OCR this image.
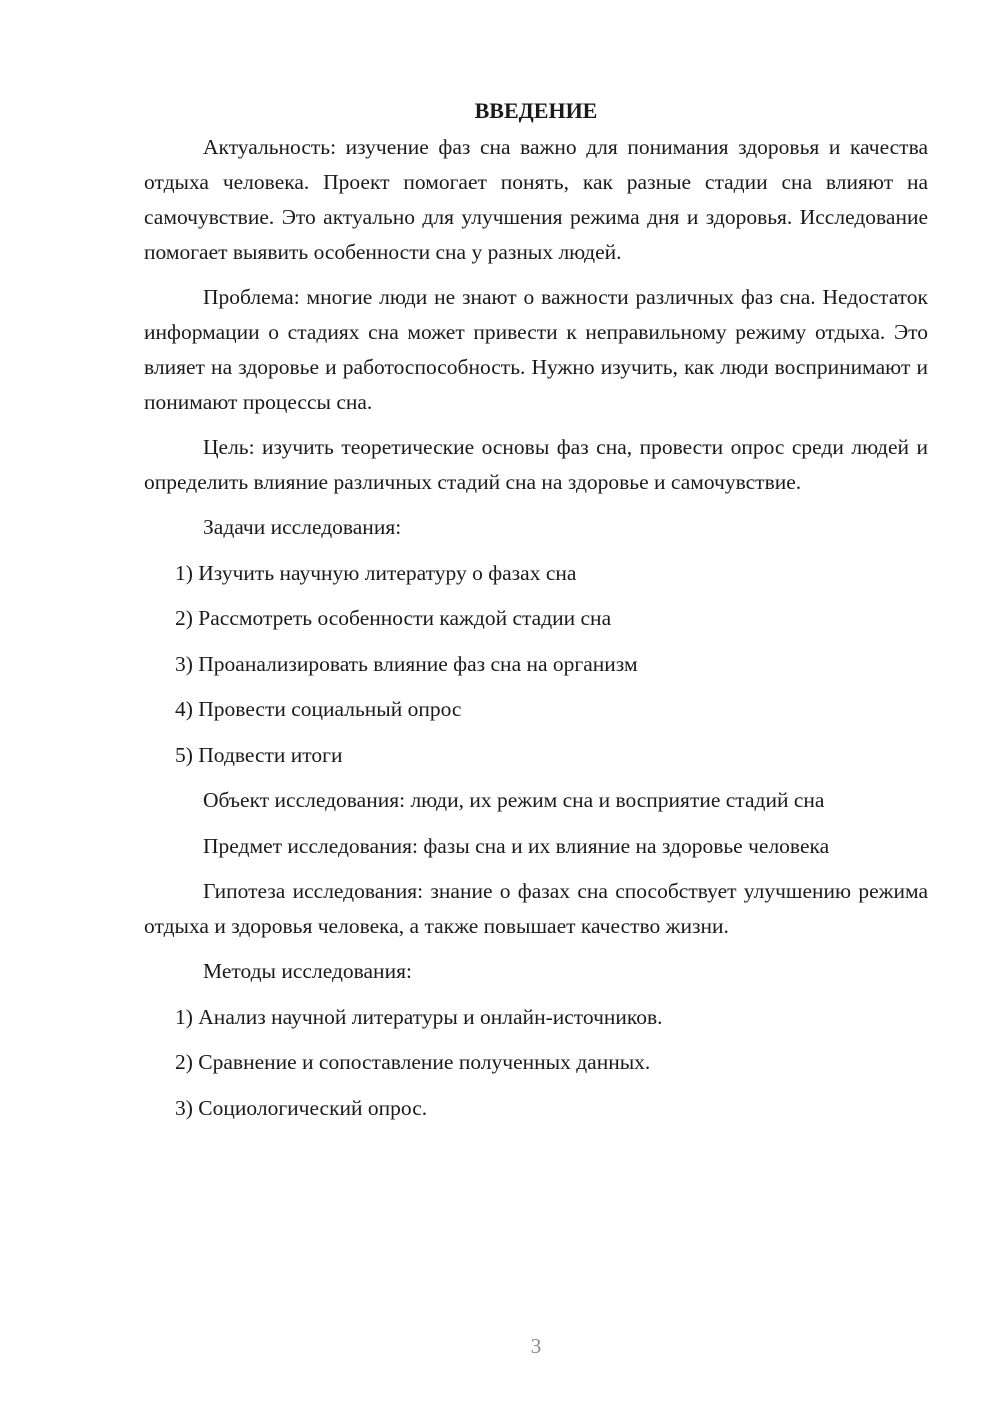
ВВЕДЕНИЕ

Актуальность: изучение фаз сна важно для понимания здоровья и качества отдыха человека. Проект помогает понять, как разные стадии сна влияют на самочувствие. Это актуально для улучшения режима дня и здоровья. Исследование помогает выявить особенности сна у разных людей.

Проблема: многие люди не знают о важности различных фаз сна. Недостаток информации о стадиях сна может привести к неправильному режиму отдыха. Это влияет на здоровье и работоспособность. Нужно изучить, как люди воспринимают и понимают процессы сна.

Цель: изучить теоретические основы фаз сна, провести опрос среди людей и определить влияние различных стадий сна на здоровье и самочувствие.

Задачи исследования:
1) Изучить научную литературу о фазах сна
2) Рассмотреть особенности каждой стадии сна
3) Проанализировать влияние фаз сна на организм
4) Провести социальный опрос
5) Подвести итоги
Объект исследования: люди, их режим сна и восприятие стадий сна
Предмет исследования: фазы сна и их влияние на здоровье человека

Гипотеза исследования: знание о фазах сна способствует улучшению режима отдыха и здоровья человека, а также повышает качество жизни.

Методы исследования:
1) Анализ научной литературы и онлайн-источников.
2) Сравнение и сопоставление полученных данных.
3) Социологический опрос.
3
